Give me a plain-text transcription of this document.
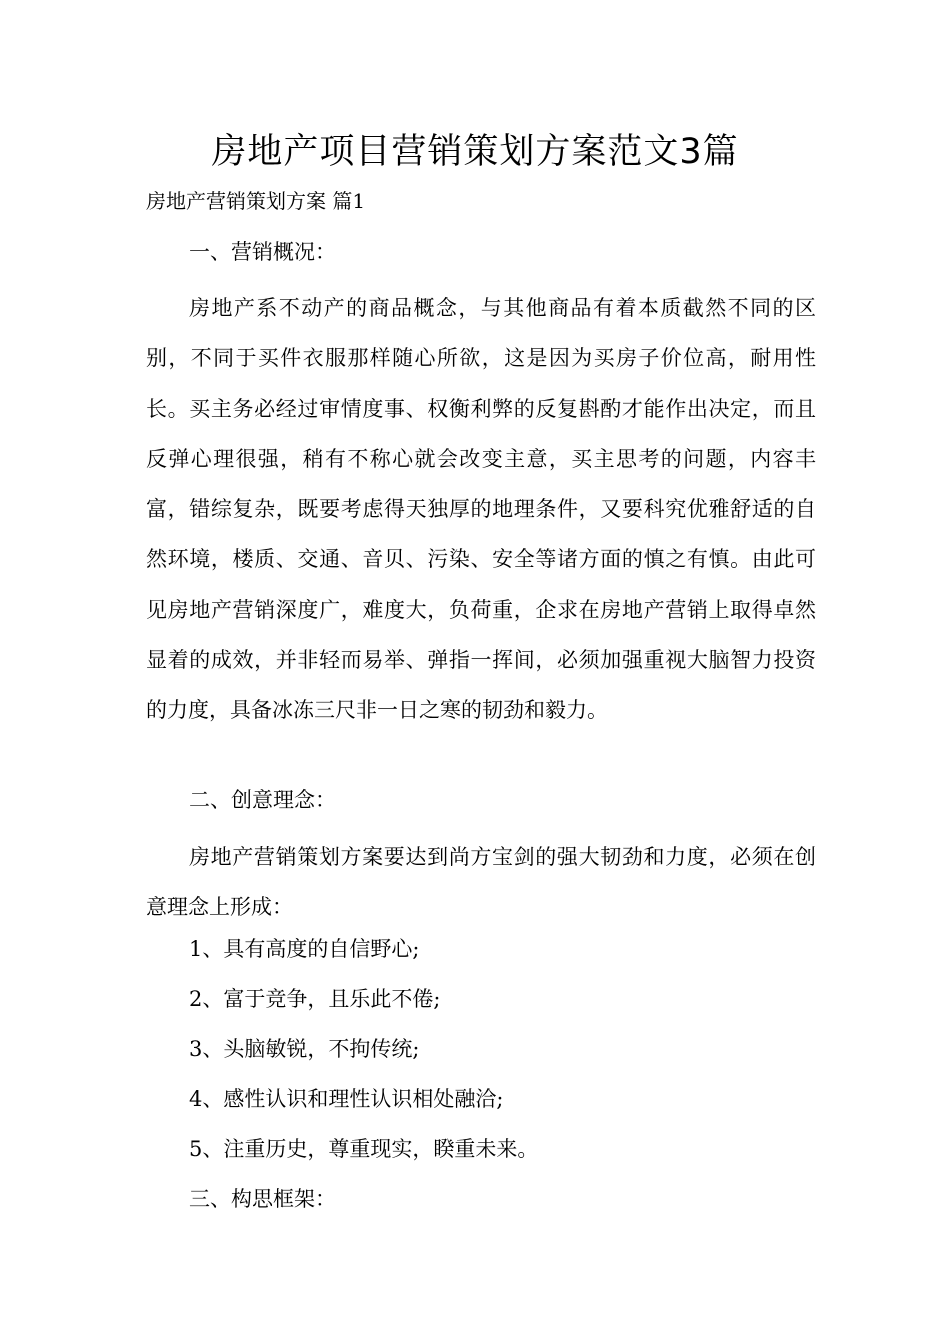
房地产项目营销策划方案范文3篇

房地产营销策划方案 篇1

一、营销概况：

房地产系不动产的商品概念，与其他商品有着本质截然不同的区别，不同于买件衣服那样随心所欲，这是因为买房子价位高，耐用性长。买主务必经过审情度事、权衡利弊的反复斟酌才能作出决定，而且反弹心理很强，稍有不称心就会改变主意，买主思考的问题，内容丰富，错综复杂，既要考虑得天独厚的地理条件，又要科究优雅舒适的自然环境，楼质、交通、音贝、污染、安全等诸方面的慎之有慎。由此可见房地产营销深度广，难度大，负荷重，企求在房地产营销上取得卓然显着的成效，并非轻而易举、弹指一挥间，必须加强重视大脑智力投资的力度，具备冰冻三尺非一日之寒的韧劲和毅力。

二、创意理念：

房地产营销策划方案要达到尚方宝剑的强大韧劲和力度，必须在创意理念上形成：

1、具有高度的自信野心;

2、富于竞争，且乐此不倦;

3、头脑敏锐，不拘传统;

4、感性认识和理性认识相处融洽;

5、注重历史，尊重现实，睽重未来。

三、构思框架：
